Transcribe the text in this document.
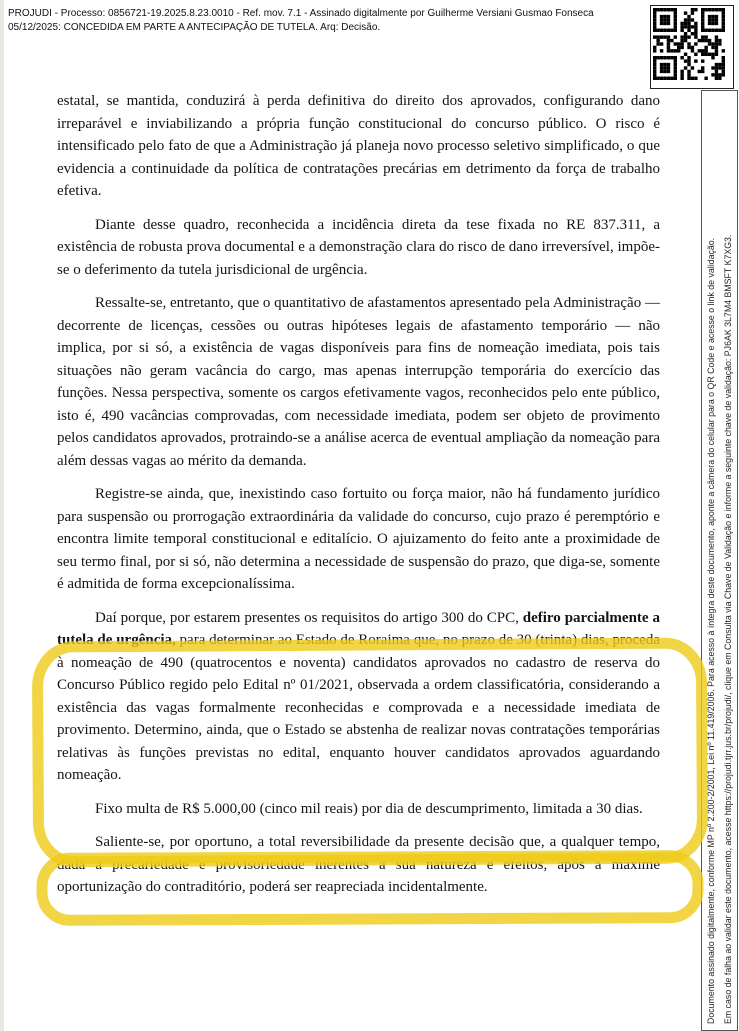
PROJUDI - Processo: 0856721-19.2025.8.23.0010 - Ref. mov. 7.1 - Assinado digitalmente por Guilherme Versiani Gusmao Fonseca
05/12/2025: CONCEDIDA EM PARTE A ANTECIPAÇÃO DE TUTELA. Arq: Decisão.
Documento assinado digitalmente, conforme MP nº 2.200-2/2001, Lei nº 11.419/2006. Para acesso à íntegra deste documento, aponte a câmera do celular para o QR Code e acesse o link de validação. Em caso de falha ao validar este documento, acesse https://projudi.tjrr.jus.br/projudi/, clique em Consulta via Chave de Validação e informe a seguinte chave de validação: PJ6AK 3L7M4 BMSFT K7XG3.

estatal, se mantida, conduzirá à perda definitiva do direito dos aprovados, configurando dano irreparável e inviabilizando a própria função constitucional do concurso público. O risco é intensificado pelo fato de que a Administração já planeja novo processo seletivo simplificado, o que evidencia a continuidade da política de contratações precárias em detrimento da força de trabalho efetiva.

Diante desse quadro, reconhecida a incidência direta da tese fixada no RE 837.311, a existência de robusta prova documental e a demonstração clara do risco de dano irreversível, impõe-se o deferimento da tutela jurisdicional de urgência.

Ressalte-se, entretanto, que o quantitativo de afastamentos apresentado pela Administração — decorrente de licenças, cessões ou outras hipóteses legais de afastamento temporário — não implica, por si só, a existência de vagas disponíveis para fins de nomeação imediata, pois tais situações não geram vacância do cargo, mas apenas interrupção temporária do exercício das funções. Nessa perspectiva, somente os cargos efetivamente vagos, reconhecidos pelo ente público, isto é, 490 vacâncias comprovadas, com necessidade imediata, podem ser objeto de provimento pelos candidatos aprovados, protraindo-se a análise acerca de eventual ampliação da nomeação para além dessas vagas ao mérito da demanda.

Registre-se ainda, que, inexistindo caso fortuito ou força maior, não há fundamento jurídico para suspensão ou prorrogação extraordinária da validade do concurso, cujo prazo é peremptório e encontra limite temporal constitucional e editalício. O ajuizamento do feito ante a proximidade de seu termo final, por si só, não determina a necessidade de suspensão do prazo, que diga-se, somente é admitida de forma excepcionalíssima.

Daí porque, por estarem presentes os requisitos do artigo 300 do CPC, defiro parcialmente a tutela de urgência, para determinar ao Estado de Roraima que, no prazo de 30 (trinta) dias, proceda à nomeação de 490 (quatrocentos e noventa) candidatos aprovados no cadastro de reserva do Concurso Público regido pelo Edital nº 01/2021, observada a ordem classificatória, considerando a existência das vagas formalmente reconhecidas e comprovada e a necessidade imediata de provimento. Determino, ainda, que o Estado se abstenha de realizar novas contratações temporárias relativas às funções previstas no edital, enquanto houver candidatos aprovados aguardando nomeação.

Fixo multa de R$ 5.000,00 (cinco mil reais) por dia de descumprimento, limitada a 30 dias.

Saliente-se, por oportuno, a total reversibilidade da presente decisão que, a qualquer tempo, dada a precariedade e provisoriedade inerentes a sua natureza e efeitos, após a maxime oportunização do contraditório, poderá ser reapreciada incidentalmente.
